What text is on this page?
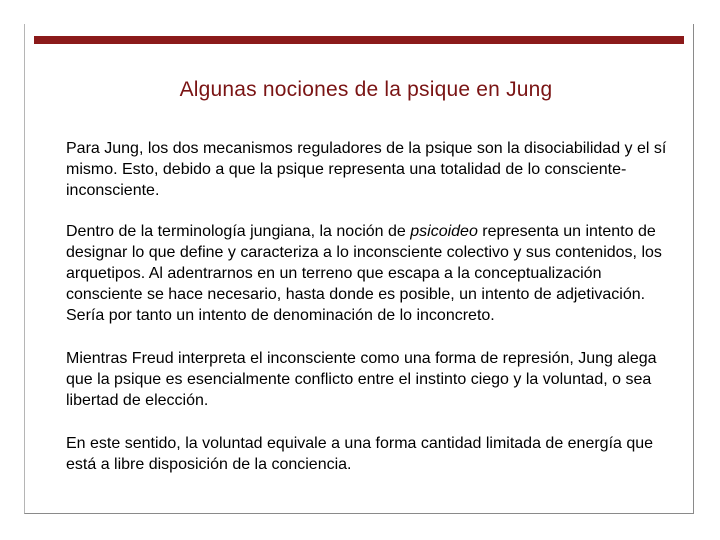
Algunas nociones de la psique en Jung

Para Jung, los dos mecanismos reguladores de la psique son la disociabilidad y el sí mismo. Esto, debido a que la psique representa una totalidad de lo consciente-inconsciente.

Dentro de la terminología jungiana, la noción de psicoideo representa un intento de designar lo que define y caracteriza a lo inconsciente colectivo y sus contenidos, los arquetipos. Al adentrarnos en un terreno que escapa a la conceptualización consciente se hace necesario, hasta donde es posible, un intento de adjetivación. Sería por tanto un intento de denominación de lo inconcreto.

Mientras Freud interpreta el inconsciente como una forma de represión, Jung alega que la psique es esencialmente conflicto entre el instinto ciego y la voluntad, o sea libertad de elección.

En este sentido, la voluntad equivale a una forma cantidad limitada de energía que está a libre disposición de la conciencia.
